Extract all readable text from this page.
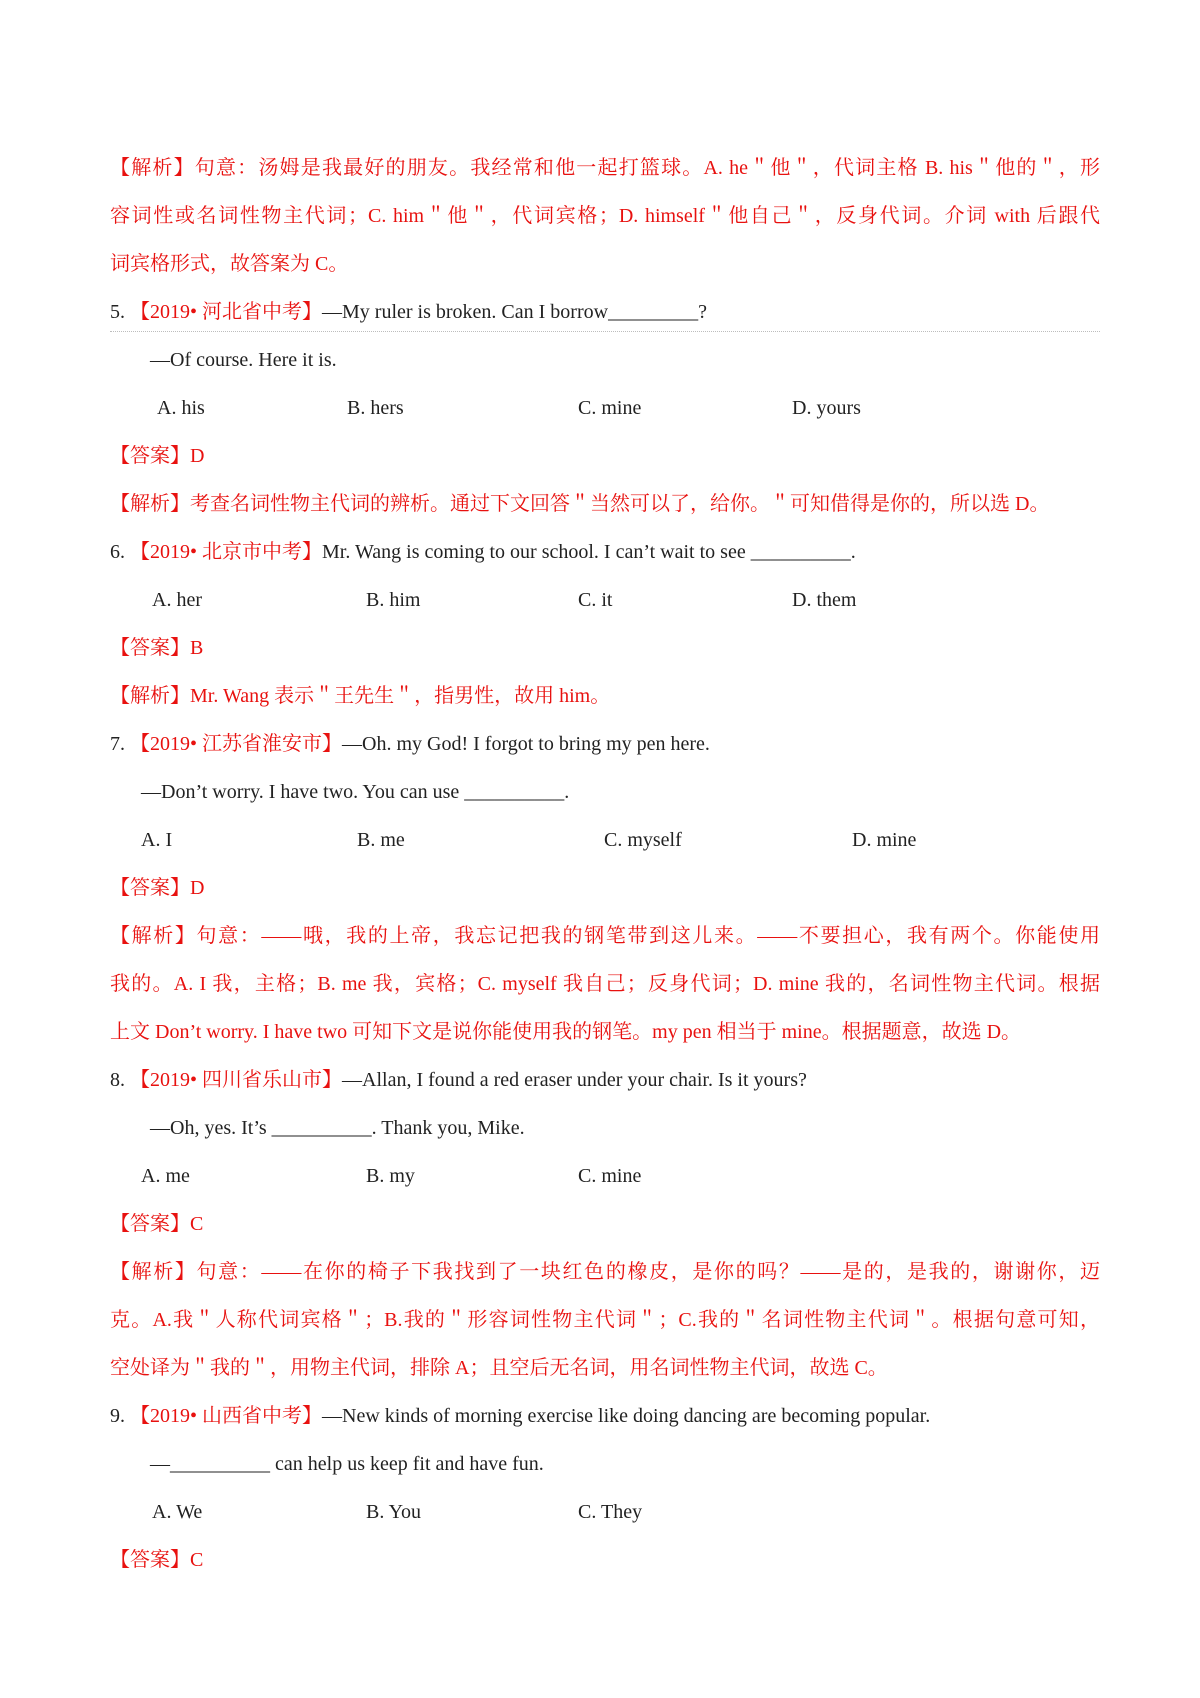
【解析】句意：汤姆是我最好的朋友。我经常和他一起打篮球。A. he＂他＂，代词主格 B. his＂他的＂，形
容词性或名词性物主代词；C. him＂他＂，代词宾格；D. himself＂他自己＂，反身代词。介词 with 后跟代
词宾格形式，故答案为 C。
5. 【2019• 河北省中考】—My ruler is broken. Can I borrow_________?
—Of course. Here it is.
A. his	B. hers	C. mine	D. yours
【答案】D
【解析】考查名词性物主代词的辨析。通过下文回答＂当然可以了，给你。＂可知借得是你的，所以选 D。
6. 【2019• 北京市中考】Mr. Wang is coming to our school. I can’t wait to see __________.
A. her	B. him	C. it	D. them
【答案】B
【解析】Mr. Wang 表示＂王先生＂，指男性，故用 him。
7. 【2019• 江苏省淮安市】—Oh. my God! I forgot to bring my pen here.
—Don’t worry. I have two. You can use __________.
A. I	B. me	C. myself	D. mine
【答案】D
【解析】句意：——哦，我的上帝，我忘记把我的钢笔带到这儿来。——不要担心，我有两个。你能使用
我的。A. I 我，主格；B. me 我，宾格；C. myself 我自己；反身代词；D. mine 我的，名词性物主代词。根据
上文 Don’t worry. I have two 可知下文是说你能使用我的钢笔。my pen 相当于 mine。根据题意，故选 D。
8. 【2019• 四川省乐山市】—Allan, I found a red eraser under your chair. Is it yours?
—Oh, yes. It’s __________. Thank you, Mike.
A. me	B. my	C. mine
【答案】C
【解析】句意：——在你的椅子下我找到了一块红色的橡皮，是你的吗？——是的，是我的，谢谢你，迈
克。A.我＂人称代词宾格＂；B.我的＂形容词性物主代词＂；C.我的＂名词性物主代词＂。根据句意可知，
空处译为＂我的＂，用物主代词，排除 A；且空后无名词，用名词性物主代词，故选 C。
9. 【2019• 山西省中考】—New kinds of morning exercise like doing dancing are becoming popular.
—__________ can help us keep fit and have fun.
A. We	B. You	C. They
【答案】C
